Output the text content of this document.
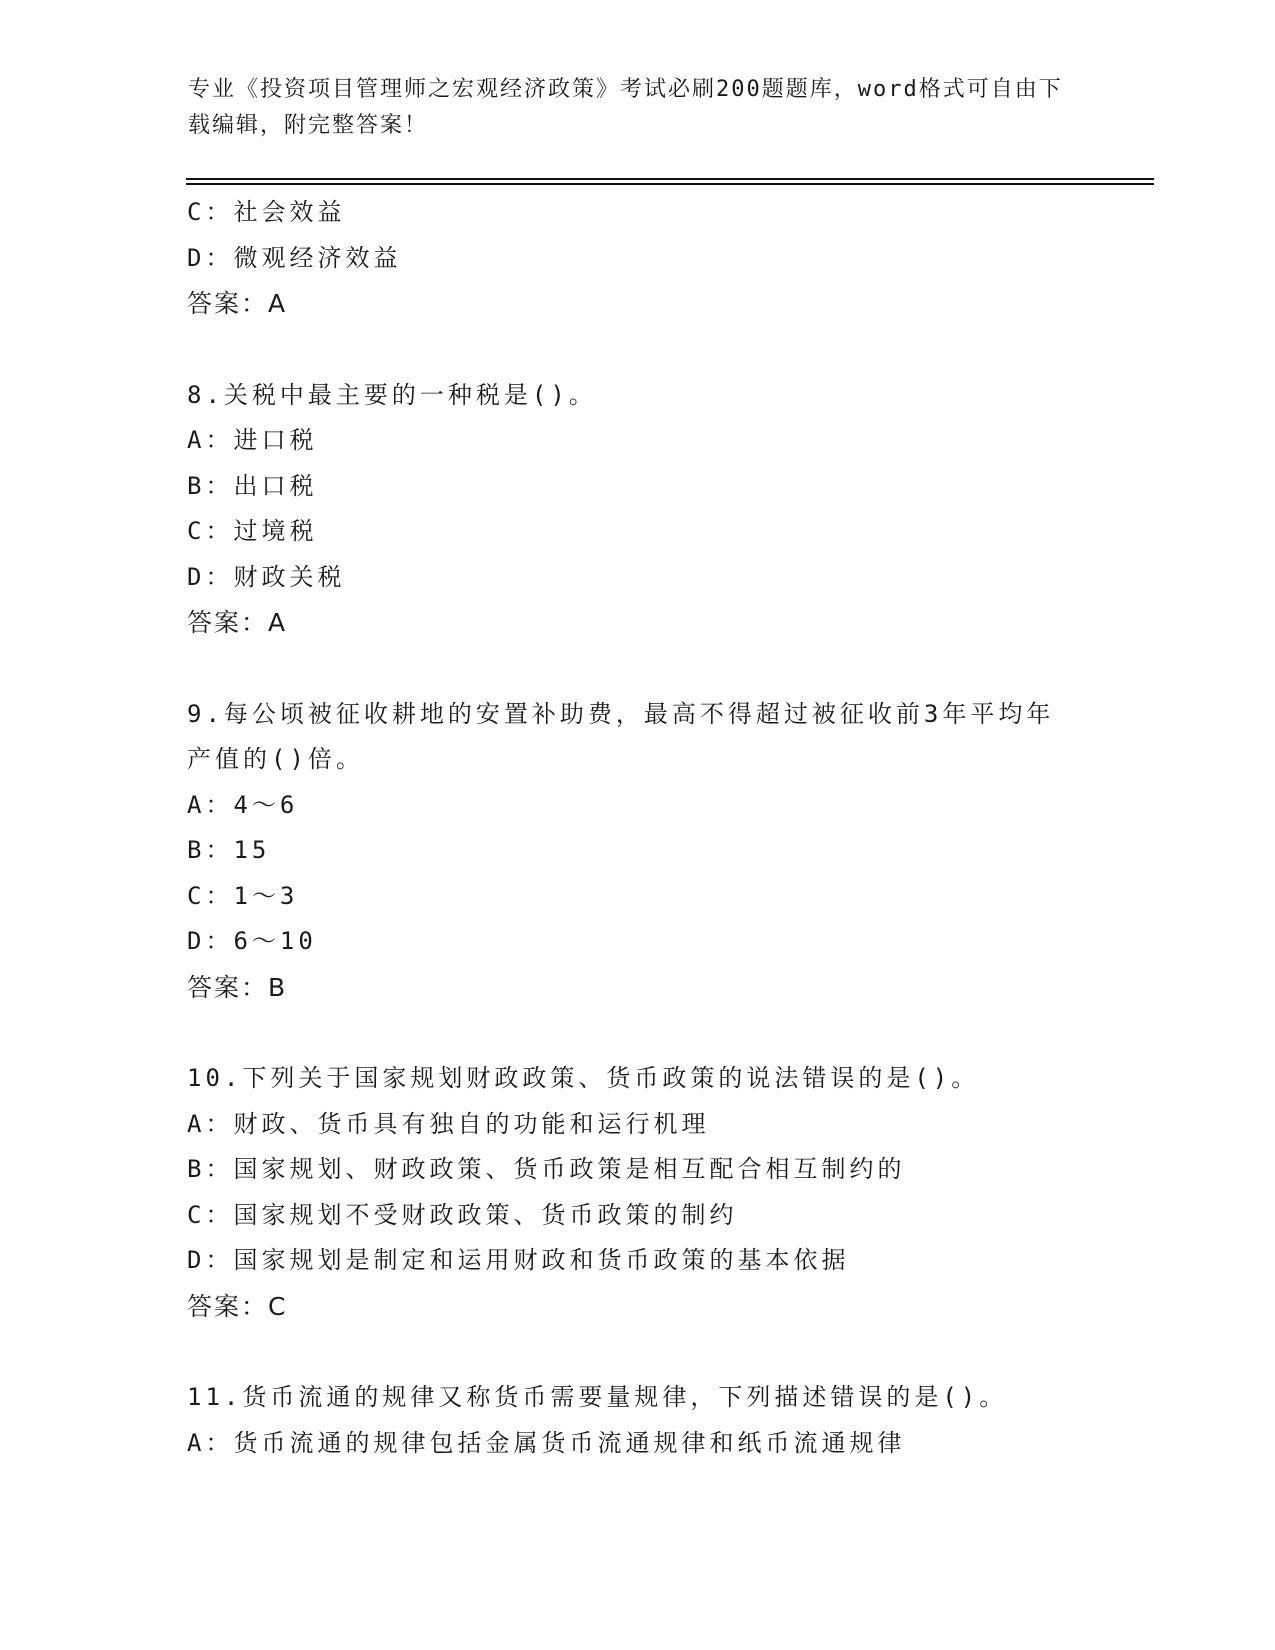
专业《投资项目管理师之宏观经济政策》考试必刷200题题库，word格式可自由下载编辑，附完整答案！
C：社会效益
D：微观经济效益
答案：A
8.关税中最主要的一种税是()。
A：进口税
B：出口税
C：过境税
D：财政关税
答案：A
9.每公顷被征收耕地的安置补助费，最高不得超过被征收前3年平均年产值的()倍。
A：4～6
B：15
C：1～3
D：6～10
答案：B
10.下列关于国家规划财政政策、货币政策的说法错误的是()。
A：财政、货币具有独自的功能和运行机理
B：国家规划、财政政策、货币政策是相互配合相互制约的
C：国家规划不受财政政策、货币政策的制约
D：国家规划是制定和运用财政和货币政策的基本依据
答案：C
11.货币流通的规律又称货币需要量规律，下列描述错误的是()。
A：货币流通的规律包括金属货币流通规律和纸币流通规律
